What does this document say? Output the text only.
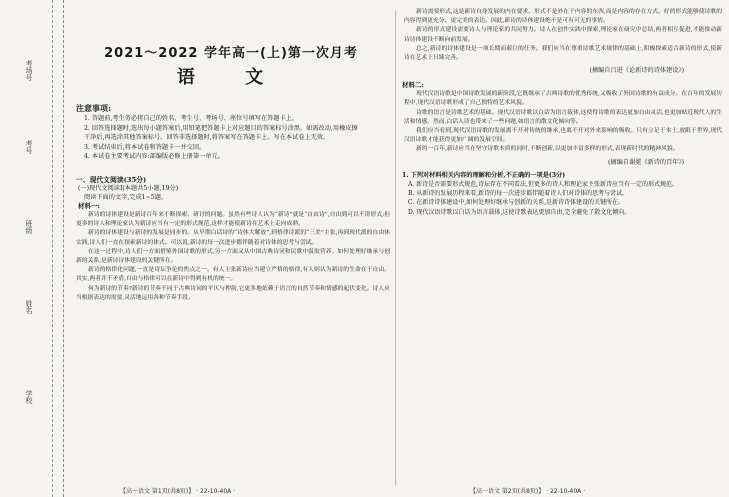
考场号
考号
班级
姓名
学校
2021～2022 学年高一(上)第一次月考
语 文
注意事项:

1. 答题前,考生务必将自己的姓名、考生号、考场号、座位号填写在答题卡上。

2. 回答选择题时,选出每小题答案后,用铅笔把答题卡上对应题目的答案标号涂黑。如需改动,用橡皮擦干净后,再选涂其他答案标号。回答非选择题时,将答案写在答题卡上。写在本试卷上无效。

3. 考试结束后,将本试卷和答题卡一并交回。

4. 本试卷主要考试内容:部编版必修上册第一单元。

一、现代文阅读(35分)
(一)现代文阅读Ⅰ(本题共5小题,19分)
阅读下面的文字,完成1~5题。
材料一:

新诗的诗体建设是新诗百年来不断探索、研讨的问题。虽然有些诗人认为“新诗”就是“自由诗”,自由到可以不讲形式;但更多的诗人和理论家认为新诗应当有一定的形式规范,这样才能使新诗在艺术上走向成熟。

新诗的诗体建设与新诗的发展是同步的。从早期白话诗的“诗体大解放”,到格律诗派的“三美”主张,再到现代派的自由体实践,诗人们一直在探索新诗的体式。可以说,新诗的每一次进步都伴随着对诗体的思考与尝试。

在这一过程中,诗人们一方面借鉴外国诗歌的形式,另一方面又从中国古典诗词和民歌中汲取营养。如何处理好继承与创新的关系,是新诗诗体建设的关键所在。

新诗的格律化问题,一直是诗坛争论的焦点之一。有人主张新诗应当建立严格的格律,有人则认为新诗的生命在于自由。其实,两者并不矛盾,自由与格律可以在新诗中得到有机的统一。

何为新诗的节奏?新诗的节奏不同于古典诗词的平仄与押韵,它更多地依赖于语言的自然节奏和情感的起伏变化。诗人应当根据表达的需要,灵活地运用各种节奏手段。

新诗需要形式,这是新诗自身发展的内在要求。形式不是外在于内容的东西,而是内容的存在方式。好的形式能够使诗歌的内容得到更充分、更完美的表达。因此,新诗的诗体建设绝不是可有可无的事情。

新诗的形式建设需要诗人与理论家的共同努力。诗人在创作实践中探索,理论家在研究中总结,两者相互促进,才能推动新诗诗体建设不断向前发展。

总之,新诗的诗体建设是一项长期而艰巨的任务。我们应当在尊重诗歌艺术规律的基础上,积极探索适合新诗的形式,使新诗在艺术上日臻完善。

(摘编自吕进《论新诗的诗体建设》)
材料二:

现代汉语诗歌是中国诗歌发展的新阶段,它既继承了古典诗歌的优秀传统,又吸收了外国诗歌的有益成分。在百年的发展历程中,现代汉语诗歌形成了自己独特的艺术风貌。

诗歌的语言是诗歌艺术的基础。现代汉语诗歌以白话为语言载体,这使得诗歌的表达更加自由灵活,也更加贴近现代人的生活和情感。然而,白话入诗也带来了一些问题,如语言的散文化倾向等。

我们应当看到,现代汉语诗歌的发展离不开对传统的继承,也离不开对外来影响的吸收。只有立足于本土,放眼于世界,现代汉语诗歌才能获得更加广阔的发展空间。

新的一百年,新诗应当在坚守诗歌本质的同时,不断创新,以更加丰富多样的形式,表现新时代的精神风貌。

(摘编自谢冕《新诗的百年》)
1. 下列对材料相关内容的理解和分析,不正确的一项是(3分)
A. 新诗是否需要形式规范,诗坛存在不同看法,但更多的诗人和理论家主张新诗应当有一定的形式规范。
B. 从新诗的发展历程来看,新诗的每一次进步都伴随着诗人们对诗体的思考与尝试。
C. 在新诗诗体建设中,如何处理好继承与创新的关系,是新诗诗体建设的关键所在。
D. 现代汉语诗歌以白话为语言载体,这使诗歌表达更加自由,完全避免了散文化倾向。
【高一语文 第1页(共8页)】 · 22-10-40A ·	【高一语文 第2页(共8页)】 · 22-10-40A ·
